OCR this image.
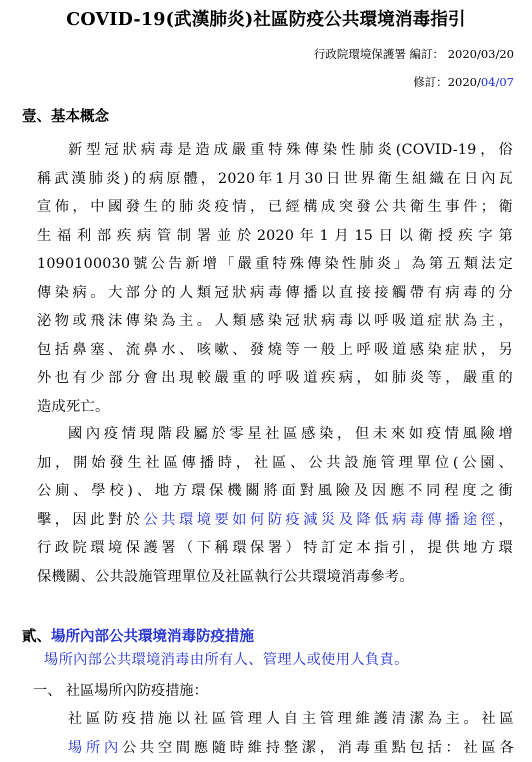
COVID-19(武漢肺炎)社區防疫公共環境消毒指引
行政院環境保護署 編訂： 2020/03/20
修訂：2020/04/07
壹、基本概念
新型冠狀病毒是造成嚴重特殊傳染性肺炎(COVID-19，俗
稱武漢肺炎)的病原體，2020年1月30日世界衛生組織在日內瓦
宣佈，中國發生的肺炎疫情，已經構成突發公共衛生事件；衛
生福利部疾病管制署並於2020年1月15日以衛授疾字第
1090100030號公告新增「嚴重特殊傳染性肺炎」為第五類法定
傳染病。大部分的人類冠狀病毒傳播以直接接觸帶有病毒的分
泌物或飛沫傳染為主。人類感染冠狀病毒以呼吸道症狀為主，
包括鼻塞、流鼻水、咳嗽、發燒等一般上呼吸道感染症狀，另
外也有少部分會出現較嚴重的呼吸道疾病，如肺炎等，嚴重的
造成死亡。
國內疫情現階段屬於零星社區感染，但未來如疫情風險增
加，開始發生社區傳播時，社區、公共設施管理單位(公園、
公廁、學校)、地方環保機關將面對風險及因應不同程度之衝
擊，因此對於公共環境要如何防疫減災及降低病毒傳播途徑，
行政院環境保護署（下稱環保署）特訂定本指引，提供地方環
保機關、公共設施管理單位及社區執行公共環境消毒參考。
貳、場所內部公共環境消毒防疫措施
場所內部公共環境消毒由所有人、管理人或使用人負責。
一、 社區場所內防疫措施：
社區防疫措施以社區管理人自主管理維護清潔為主。社區
場所內公共空間應隨時維持整潔，消毒重點包括：社區各
